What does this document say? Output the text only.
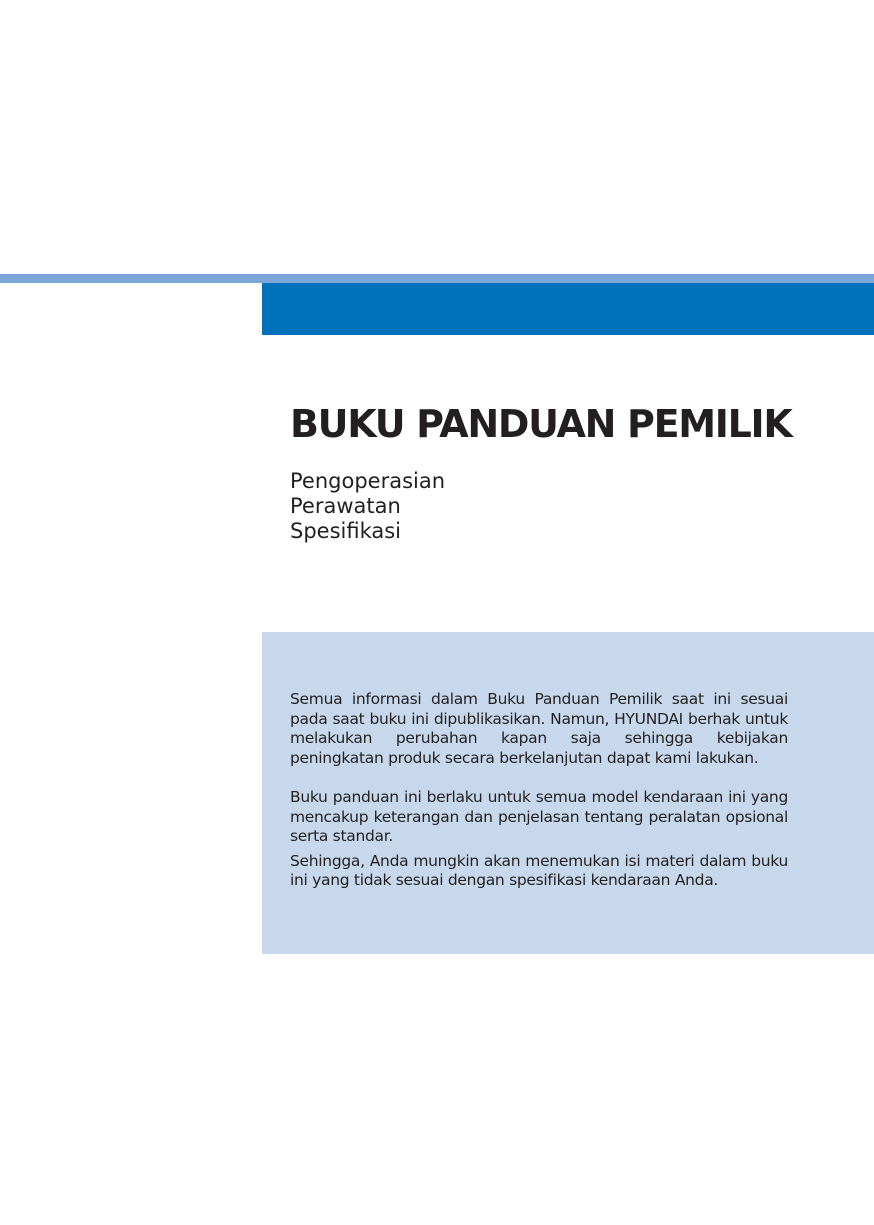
BUKU PANDUAN PEMILIK
Pengoperasian
Perawatan
Spesifikasi

Semua informasi dalam Buku Panduan Pemilik saat ini sesuai pada saat buku ini dipublikasikan. Namun, HYUNDAI berhak untuk melakukan perubahan kapan saja sehingga kebijakan peningkatan produk secara berkelanjutan dapat kami lakukan.

Buku panduan ini berlaku untuk semua model kendaraan ini yang mencakup keterangan dan penjelasan tentang peralatan opsional serta standar.

Sehingga, Anda mungkin akan menemukan isi materi dalam buku ini yang tidak sesuai dengan spesifikasi kendaraan Anda.
